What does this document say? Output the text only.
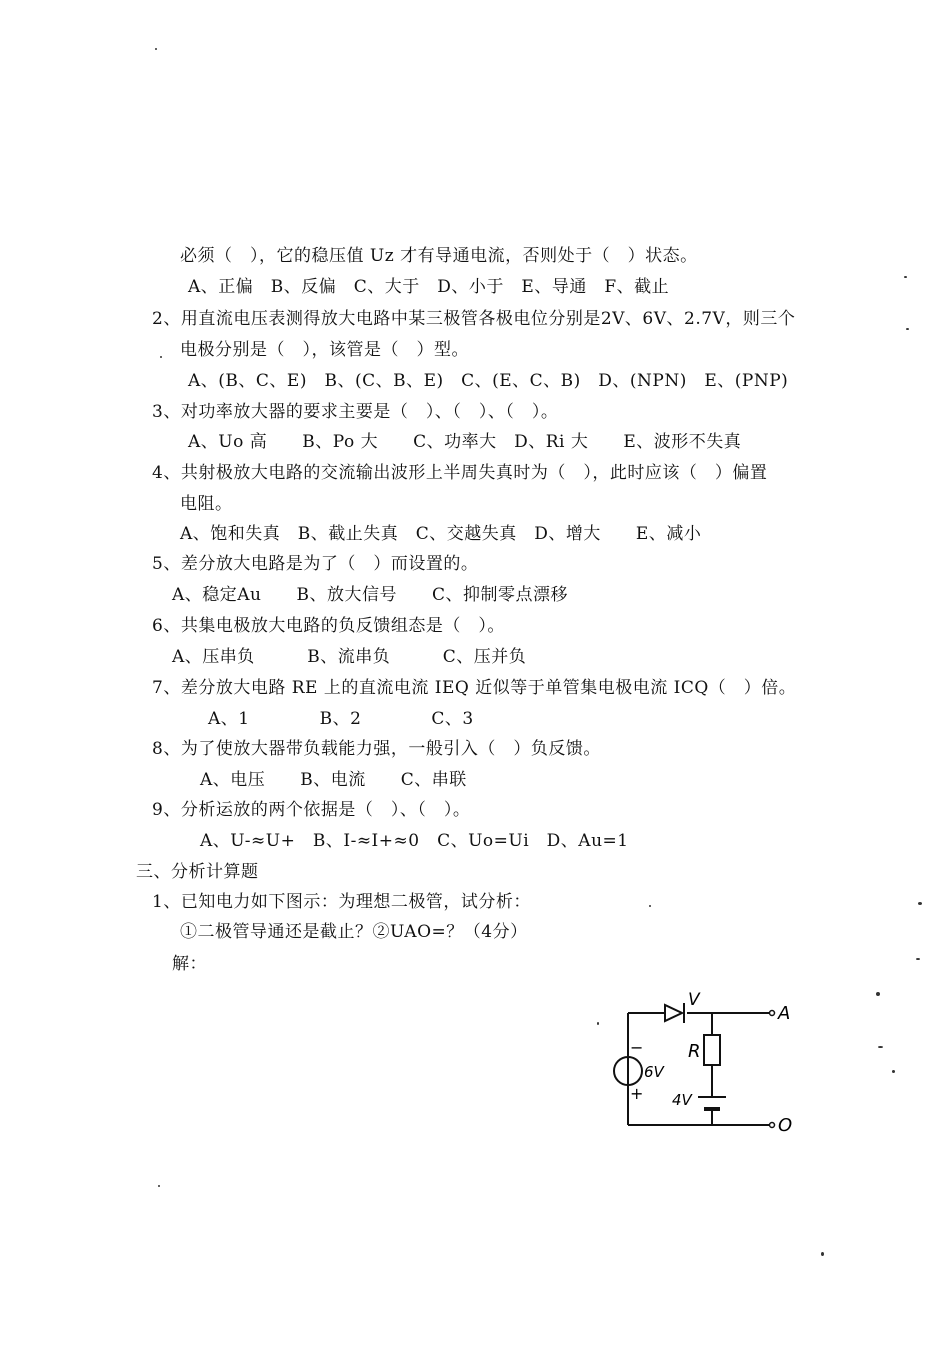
必须（　），它的稳压值 Uz 才有导通电流，否则处于（　）状态。
A、正偏　B、反偏　C、大于　D、小于　E、导通　F、截止
2、用直流电压表测得放大电路中某三极管各极电位分别是2V、6V、2.7V，则三个
电极分别是（　），该管是（　）型。
A、(B、C、E)　B、(C、B、E)　C、(E、C、B)　D、(NPN)　E、(PNP)
3、对功率放大器的要求主要是（　）、（　）、（　）。
A、Uo 高　　B、Po 大　　C、功率大　D、Ri 大　　E、波形不失真
4、共射极放大电路的交流输出波形上半周失真时为（　），此时应该（　）偏置
电阻。
A、饱和失真　B、截止失真　C、交越失真　D、增大　　E、减小
5、差分放大电路是为了（　）而设置的。
A、稳定Au　　B、放大信号　　C、抑制零点漂移
6、共集电极放大电路的负反馈组态是（　）。
A、压串负　　　B、流串负　　　C、压并负
7、差分放大电路 RE 上的直流电流 IEQ 近似等于单管集电极电流 ICQ（　）倍。
A、1　　　　B、2　　　　C、3
8、为了使放大器带负载能力强，一般引入（　）负反馈。
A、电压　　B、电流　　C、串联
9、分析运放的两个依据是（　）、（　）。
A、U-≈U+　B、I-≈I+≈0　C、Uo=Ui　D、Au=1
三、分析计算题
1、已知电力如下图示：为理想二极管，试分析：
①二极管导通还是截止？②UAO=？（4分）
解：
V
R
6V
4V
−
+
A
O
